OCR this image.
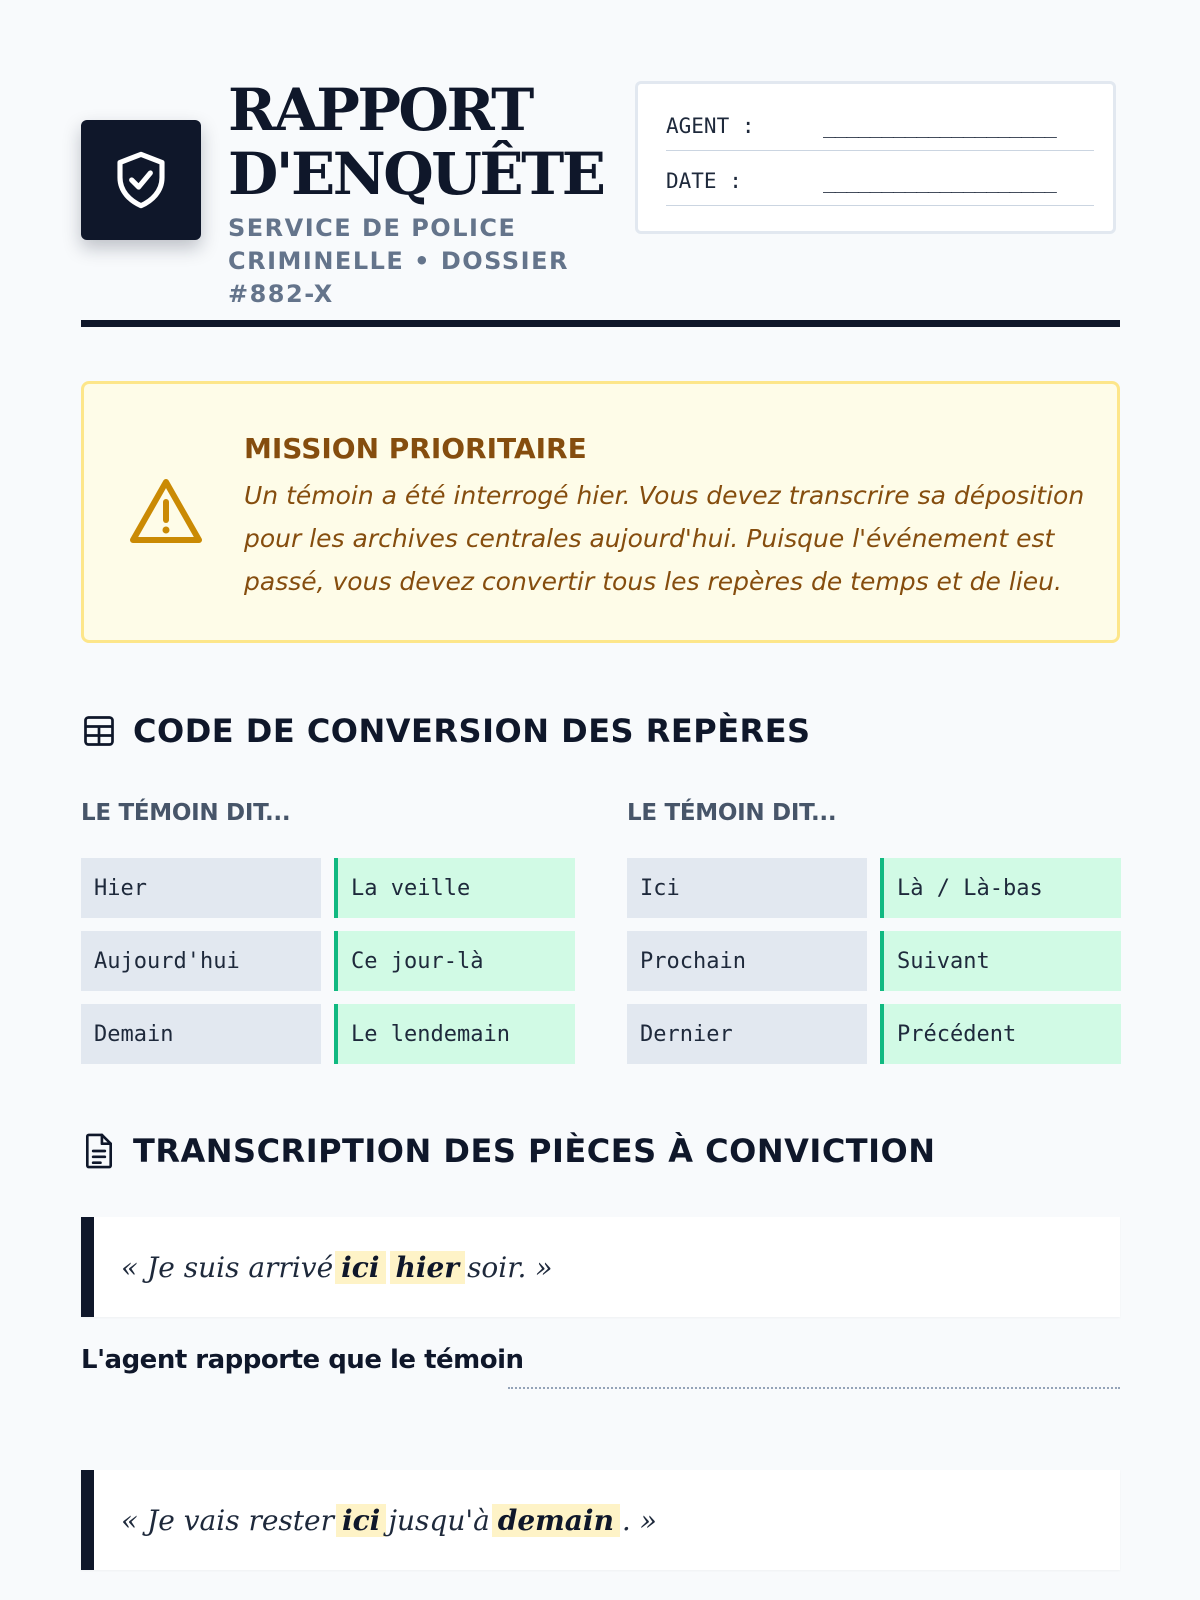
RAPPORT
D'ENQUÊTE
SERVICE DE POLICE
CRIMINELLE • DOSSIER #882-X
AGENT :	____________________
DATE :	____________________
MISSION PRIORITAIRE
Un témoin a été interrogé hier. Vous devez transcrire sa déposition pour les archives centrales aujourd'hui. Puisque l'événement est passé, vous devez convertir tous les repères de temps et de lieu.
CODE DE CONVERSION DES REPÈRES
LE TÉMOIN DIT...
Hier	La veille
Aujourd'hui	Ce jour-là
Demain	Le lendemain
LE TÉMOIN DIT...
Ici	Là / Là-bas
Prochain	Suivant
Dernier	Précédent
TRANSCRIPTION DES PIÈCES À CONVICTION
« Je suis arrivé ici hier soir. »
L'agent rapporte que le témoin
« Je vais rester ici jusqu'à demain . »
